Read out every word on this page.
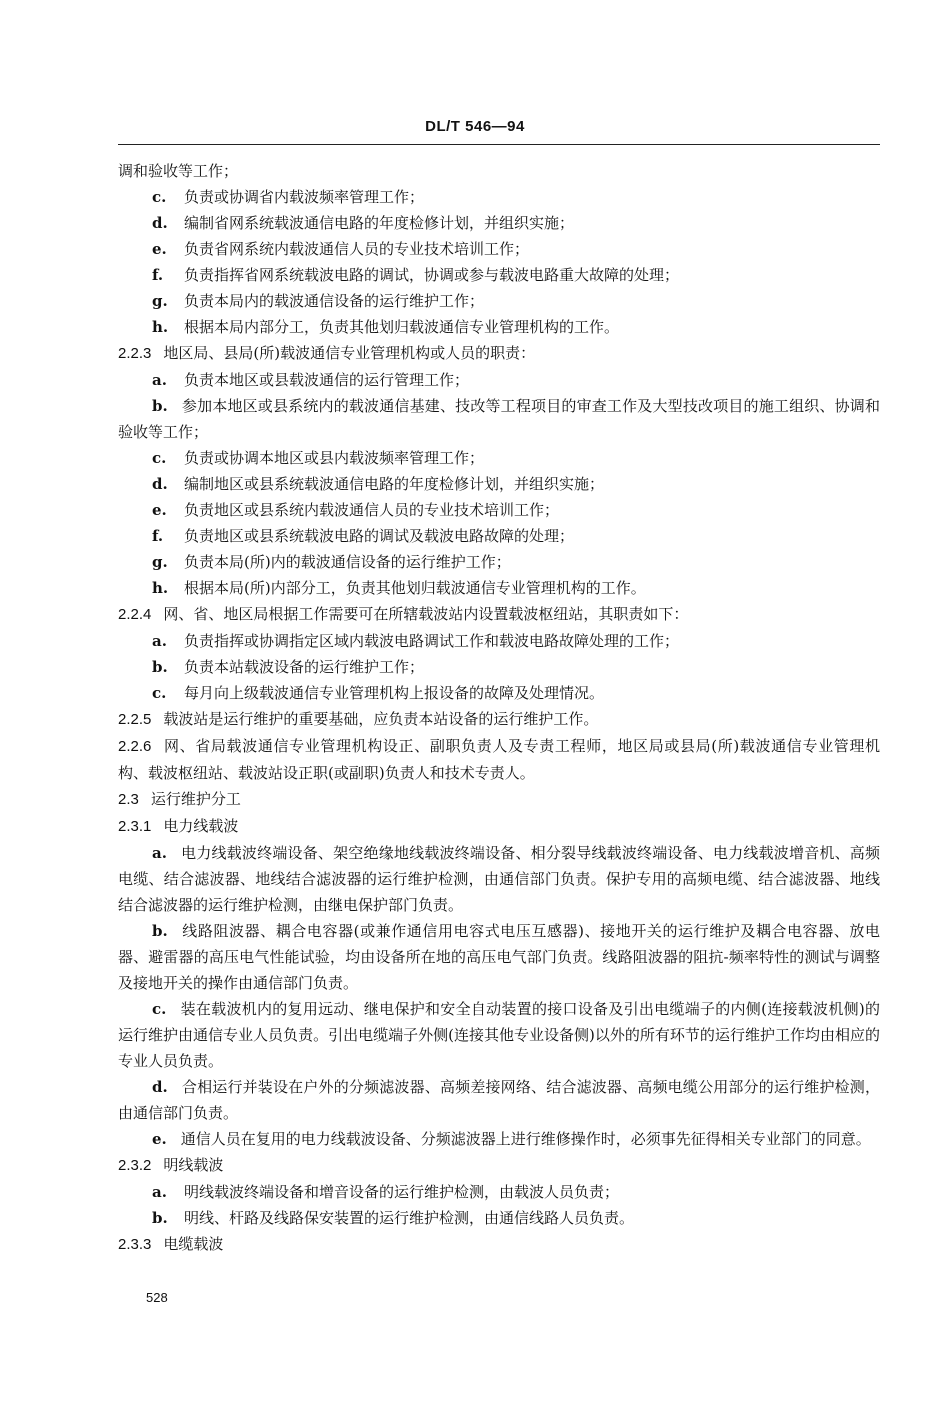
DL/T 546—94

调和验收等工作；

c. 负责或协调省内载波频率管理工作；

d. 编制省网系统载波通信电路的年度检修计划，并组织实施；

e. 负责省网系统内载波通信人员的专业技术培训工作；

f. 负责指挥省网系统载波电路的调试，协调或参与载波电路重大故障的处理；

g. 负责本局内的载波通信设备的运行维护工作；

h. 根据本局内部分工，负责其他划归载波通信专业管理机构的工作。

2.2.3 地区局、县局(所)载波通信专业管理机构或人员的职责：

a. 负责本地区或县载波通信的运行管理工作；

b. 参加本地区或县系统内的载波通信基建、技改等工程项目的审查工作及大型技改项目的施工组织、协调和验收等工作；

c. 负责或协调本地区或县内载波频率管理工作；

d. 编制地区或县系统载波通信电路的年度检修计划，并组织实施；

e. 负责地区或县系统内载波通信人员的专业技术培训工作；

f. 负责地区或县系统载波电路的调试及载波电路故障的处理；

g. 负责本局(所)内的载波通信设备的运行维护工作；

h. 根据本局(所)内部分工，负责其他划归载波通信专业管理机构的工作。

2.2.4 网、省、地区局根据工作需要可在所辖载波站内设置载波枢纽站，其职责如下：

a. 负责指挥或协调指定区域内载波电路调试工作和载波电路故障处理的工作；

b. 负责本站载波设备的运行维护工作；

c. 每月向上级载波通信专业管理机构上报设备的故障及处理情况。

2.2.5 载波站是运行维护的重要基础，应负责本站设备的运行维护工作。

2.2.6 网、省局载波通信专业管理机构设正、副职负责人及专责工程师，地区局或县局(所)载波通信专业管理机构、载波枢纽站、载波站设正职(或副职)负责人和技术专责人。

2.3 运行维护分工

2.3.1 电力线载波

a. 电力线载波终端设备、架空绝缘地线载波终端设备、相分裂导线载波终端设备、电力线载波增音机、高频电缆、结合滤波器、地线结合滤波器的运行维护检测，由通信部门负责。保护专用的高频电缆、结合滤波器、地线结合滤波器的运行维护检测，由继电保护部门负责。

b. 线路阻波器、耦合电容器(或兼作通信用电容式电压互感器)、接地开关的运行维护及耦合电容器、放电器、避雷器的高压电气性能试验，均由设备所在地的高压电气部门负责。线路阻波器的阻抗-频率特性的测试与调整及接地开关的操作由通信部门负责。

c. 装在载波机内的复用远动、继电保护和安全自动装置的接口设备及引出电缆端子的内侧(连接载波机侧)的运行维护由通信专业人员负责。引出电缆端子外侧(连接其他专业设备侧)以外的所有环节的运行维护工作均由相应的专业人员负责。

d. 合相运行并装设在户外的分频滤波器、高频差接网络、结合滤波器、高频电缆公用部分的运行维护检测，由通信部门负责。

e. 通信人员在复用的电力线载波设备、分频滤波器上进行维修操作时，必须事先征得相关专业部门的同意。

2.3.2 明线载波

a. 明线载波终端设备和增音设备的运行维护检测，由载波人员负责；

b. 明线、杆路及线路保安装置的运行维护检测，由通信线路人员负责。

2.3.3 电缆载波

528
